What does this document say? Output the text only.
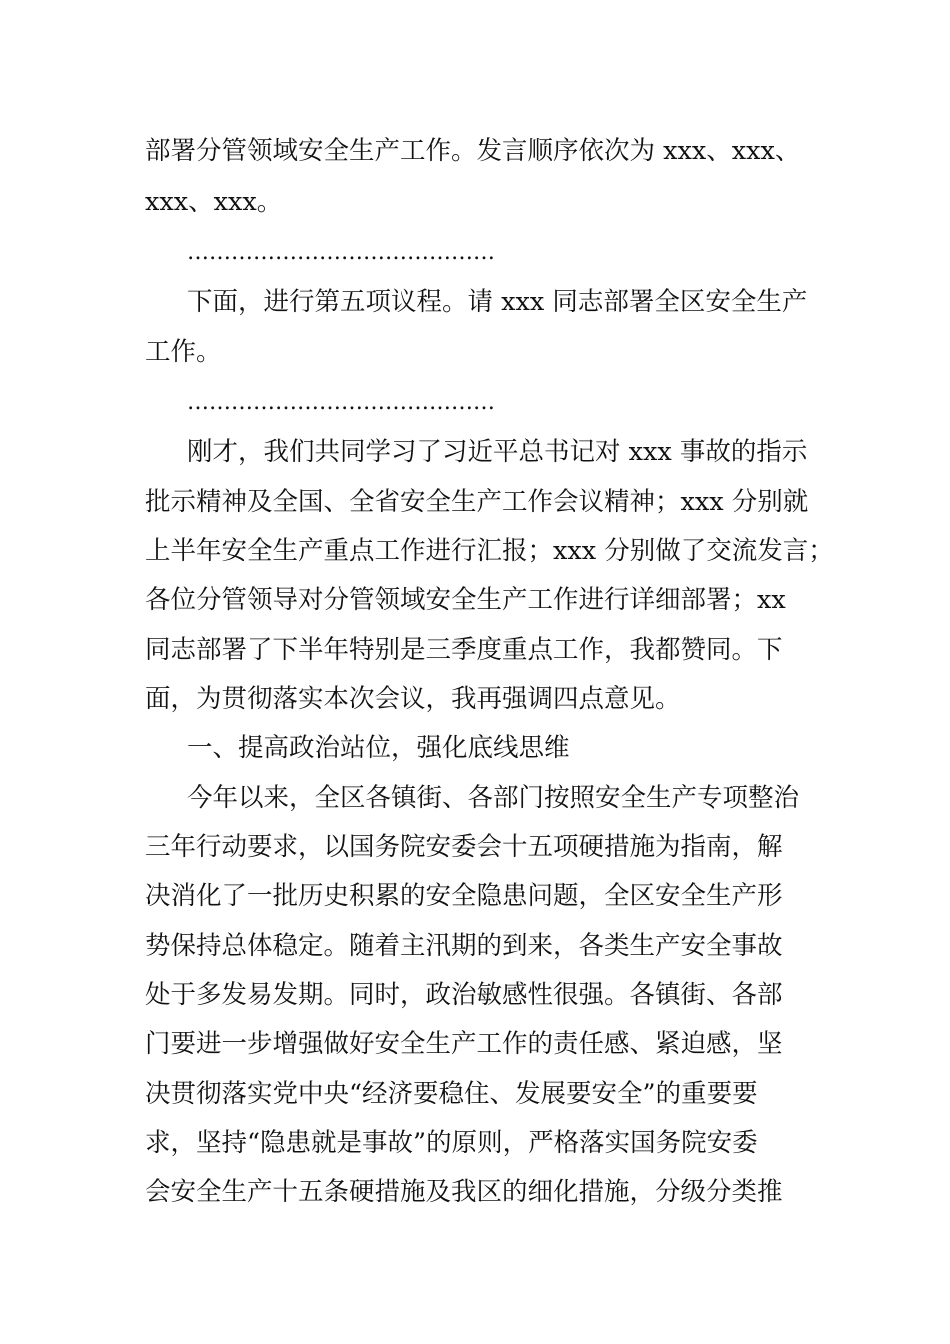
部署分管领域安全生产工作。发言顺序依次为 xxx、xxx、
xxx、xxx。
……………………………………
下面，进行第五项议程。请 xxx 同志部署全区安全生产
工作。
……………………………………
刚才，我们共同学习了习近平总书记对 xxx 事故的指示
批示精神及全国、全省安全生产工作会议精神；xxx 分别就
上半年安全生产重点工作进行汇报；xxx 分别做了交流发言；
各位分管领导对分管领域安全生产工作进行详细部署；xx
同志部署了下半年特别是三季度重点工作，我都赞同。下
面，为贯彻落实本次会议，我再强调四点意见。
一、提高政治站位，强化底线思维
今年以来，全区各镇街、各部门按照安全生产专项整治
三年行动要求，以国务院安委会十五项硬措施为指南，解
决消化了一批历史积累的安全隐患问题，全区安全生产形
势保持总体稳定。随着主汛期的到来，各类生产安全事故
处于多发易发期。同时，政治敏感性很强。各镇街、各部
门要进一步增强做好安全生产工作的责任感、紧迫感，坚
决贯彻落实党中央“经济要稳住、发展要安全”的重要要
求，坚持“隐患就是事故”的原则，严格落实国务院安委
会安全生产十五条硬措施及我区的细化措施，分级分类推
